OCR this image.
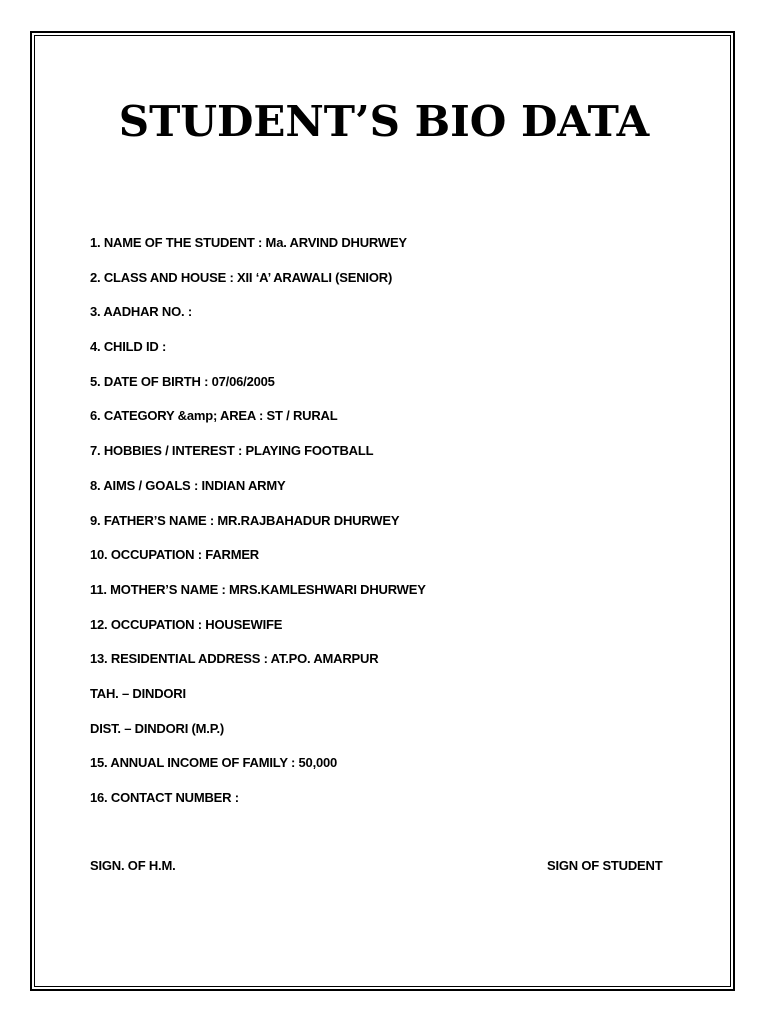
STUDENT’S BIO DATA
1. NAME OF THE STUDENT : Ma. ARVIND DHURWEY
2. CLASS AND HOUSE : XII ‘A’ ARAWALI (SENIOR)
3. AADHAR NO. :
4. CHILD ID :
5. DATE OF BIRTH : 07/06/2005
6. CATEGORY &amp; AREA : ST / RURAL
7. HOBBIES / INTEREST : PLAYING FOOTBALL
8. AIMS / GOALS : INDIAN ARMY
9. FATHER’S NAME : MR.RAJBAHADUR DHURWEY
10. OCCUPATION : FARMER
11. MOTHER’S NAME : MRS.KAMLESHWARI DHURWEY
12. OCCUPATION : HOUSEWIFE
13. RESIDENTIAL ADDRESS : AT.PO. AMARPUR
TAH. – DINDORI
DIST. – DINDORI (M.P.)
15. ANNUAL INCOME OF FAMILY : 50,000
16. CONTACT NUMBER :
SIGN. OF H.M.	SIGN OF STUDENT
